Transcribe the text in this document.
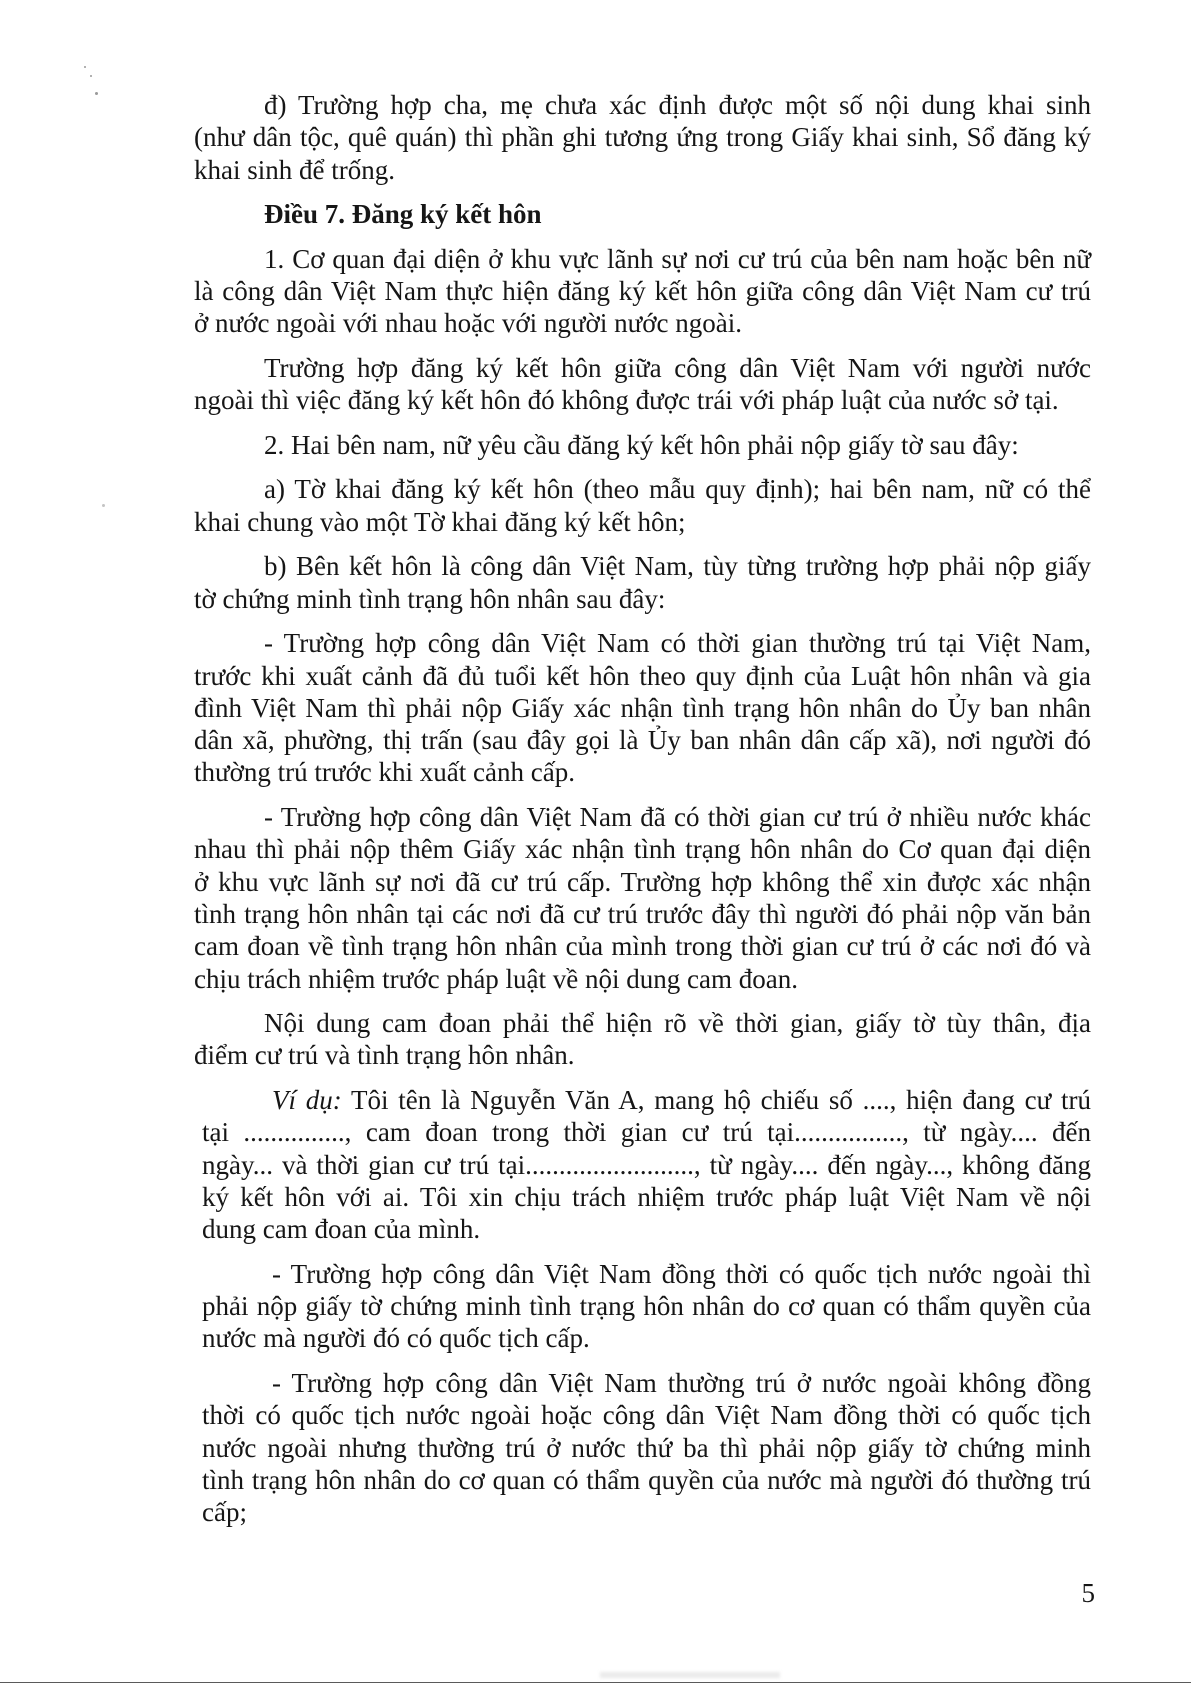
đ) Trường hợp cha, mẹ chưa xác định được một số nội dung khai sinh
(như dân tộc, quê quán) thì phần ghi tương ứng trong Giấy khai sinh, Sổ đăng ký
khai sinh để trống.
Điều 7. Đăng ký kết hôn
1. Cơ quan đại diện ở khu vực lãnh sự nơi cư trú của bên nam hoặc bên nữ
là công dân Việt Nam thực hiện đăng ký kết hôn giữa công dân Việt Nam cư trú
ở nước ngoài với nhau hoặc với người nước ngoài.
Trường hợp đăng ký kết hôn giữa công dân Việt Nam với người nước
ngoài thì việc đăng ký kết hôn đó không được trái với pháp luật của nước sở tại.
2. Hai bên nam, nữ yêu cầu đăng ký kết hôn phải nộp giấy tờ sau đây:
a) Tờ khai đăng ký kết hôn (theo mẫu quy định); hai bên nam, nữ có thể
khai chung vào một Tờ khai đăng ký kết hôn;
b) Bên kết hôn là công dân Việt Nam, tùy từng trường hợp phải nộp giấy
tờ chứng minh tình trạng hôn nhân sau đây:
- Trường hợp công dân Việt Nam có thời gian thường trú tại Việt Nam,
trước khi xuất cảnh đã đủ tuổi kết hôn theo quy định của Luật hôn nhân và gia
đình Việt Nam thì phải nộp Giấy xác nhận tình trạng hôn nhân do Ủy ban nhân
dân xã, phường, thị trấn (sau đây gọi là Ủy ban nhân dân cấp xã), nơi người đó
thường trú trước khi xuất cảnh cấp.
- Trường hợp công dân Việt Nam đã có thời gian cư trú ở nhiều nước khác
nhau thì phải nộp thêm Giấy xác nhận tình trạng hôn nhân do Cơ quan đại diện
ở khu vực lãnh sự nơi đã cư trú cấp. Trường hợp không thể xin được xác nhận
tình trạng hôn nhân tại các nơi đã cư trú trước đây thì người đó phải nộp văn bản
cam đoan về tình trạng hôn nhân của mình trong thời gian cư trú ở các nơi đó và
chịu trách nhiệm trước pháp luật về nội dung cam đoan.
Nội dung cam đoan phải thể hiện rõ về thời gian, giấy tờ tùy thân, địa
điểm cư trú và tình trạng hôn nhân.
Ví dụ: Tôi tên là Nguyễn Văn A, mang hộ chiếu số ...., hiện đang cư trú
tại ..............., cam đoan trong thời gian cư trú tại................, từ ngày.... đến
ngày... và thời gian cư trú tại........................., từ ngày.... đến ngày..., không đăng
ký kết hôn với ai. Tôi xin chịu trách nhiệm trước pháp luật Việt Nam về nội
dung cam đoan của mình.
- Trường hợp công dân Việt Nam đồng thời có quốc tịch nước ngoài thì
phải nộp giấy tờ chứng minh tình trạng hôn nhân do cơ quan có thẩm quyền của
nước mà người đó có quốc tịch cấp.
- Trường hợp công dân Việt Nam thường trú ở nước ngoài không đồng
thời có quốc tịch nước ngoài hoặc công dân Việt Nam đồng thời có quốc tịch
nước ngoài nhưng thường trú ở nước thứ ba thì phải nộp giấy tờ chứng minh
tình trạng hôn nhân do cơ quan có thẩm quyền của nước mà người đó thường trú
cấp;
5
